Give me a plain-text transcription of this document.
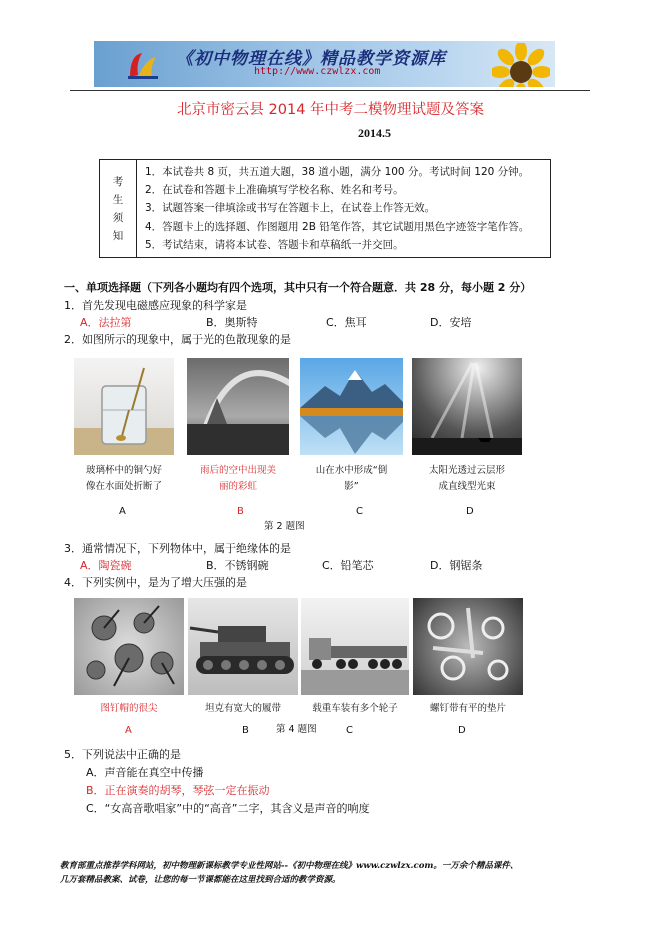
《初中物理在线》精品教学资源库
http://www.czwlzx.com
北京市密云县 2014 年中考二模物理试题及答案
2014.5
考
生
须
知

1．本试卷共 8 页，共五道大题，38 道小题，满分 100 分。考试时间 120 分钟。
2．在试卷和答题卡上准确填写学校名称、姓名和考号。
3．试题答案一律填涂或书写在答题卡上，在试卷上作答无效。
4．答题卡上的选择题、作图题用 2B 铅笔作答，其它试题用黑色字迹签字笔作答。
5．考试结束，请将本试卷、答题卡和草稿纸一并交回。
一、单项选择题（下列各小题均有四个选项，其中只有一个符合题意．共 28 分，每小题 2 分）
1．首先发现电磁感应现象的科学家是
A．法拉第	B．奥斯特	C．焦耳	D．安培
2．如图所示的现象中，属于光的色散现象的是
玻璃杯中的铜勺好
像在水面处折断了
雨后的空中出现美
丽的彩虹
山在水中形成“倒
影”
太阳光透过云层形
成直线型光束
A	B	C	D
第 2 题图
3．通常情况下，下列物体中，属于绝缘体的是
A．陶瓷碗	B．不锈钢碗	C．铅笔芯	D．钢锯条
4．下列实例中，是为了增大压强的是
图钉帽的很尖	坦克有宽大的履带	载重车装有多个轮子	螺钉带有平的垫片
A	B	第 4 题图	C	D
5．下列说法中正确的是
A．声音能在真空中传播
B．正在演奏的胡琴，琴弦一定在振动
C．“女高音歌唱家”中的“高音”二字，其含义是声音的响度
教育部重点推荐学科网站，初中物理新课标教学专业性网站--《初中物理在线》www.czwlzx.com。一万余个精品课件、
几万套精品教案、试卷，让您的每一节课都能在这里找到合适的教学资源。
